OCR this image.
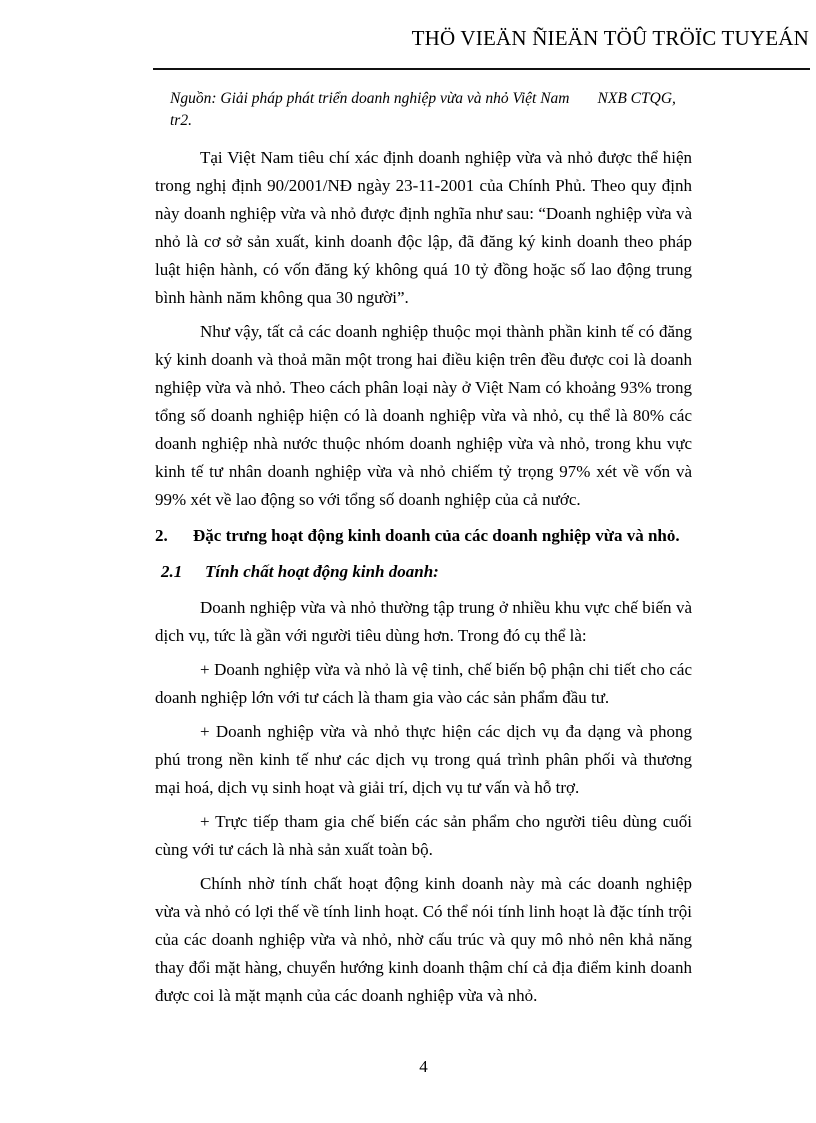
THÖ VIEÄN ÑIEÄN TÖÛ TRÖÏC TUYEÁN

Nguồn: Giải pháp phát triển doanh nghiệp vừa và nhỏ Việt Nam NXB CTQG, tr2.

Tại Việt Nam tiêu chí xác định doanh nghiệp vừa và nhỏ được thể hiện trong nghị định 90/2001/NĐ ngày 23-11-2001 của Chính Phủ. Theo quy định này doanh nghiệp vừa và nhỏ được định nghĩa như sau: “Doanh nghiệp vừa và nhỏ là cơ sở sản xuất, kinh doanh độc lập, đã đăng ký kinh doanh theo pháp luật hiện hành, có vốn đăng ký không quá 10 tỷ đồng hoặc số lao động trung bình hành năm không qua 30 người”.

Như vậy, tất cả các doanh nghiệp thuộc mọi thành phần kinh tế có đăng ký kinh doanh và thoả mãn một trong hai điều kiện trên đều được coi là doanh nghiệp vừa và nhỏ. Theo cách phân loại này ở Việt Nam có khoảng 93% trong tổng số doanh nghiệp hiện có là doanh nghiệp vừa và nhỏ, cụ thể là 80% các doanh nghiệp nhà nước thuộc nhóm doanh nghiệp vừa và nhỏ, trong khu vực kinh tế tư nhân doanh nghiệp vừa và nhỏ chiếm tỷ trọng 97% xét về vốn và 99% xét về lao động so với tổng số doanh nghiệp của cả nước.

2. Đặc trưng hoạt động kinh doanh của các doanh nghiệp vừa và nhỏ.

2.1 Tính chất hoạt động kinh doanh:

Doanh nghiệp vừa và nhỏ thường tập trung ở nhiều khu vực chế biến và dịch vụ, tức là gần với người tiêu dùng hơn. Trong đó cụ thể là:

+ Doanh nghiệp vừa và nhỏ là vệ tinh, chế biến bộ phận chi tiết cho các doanh nghiệp lớn với tư cách là tham gia vào các sản phẩm đầu tư.

+ Doanh nghiệp vừa và nhỏ thực hiện các dịch vụ đa dạng và phong phú trong nền kinh tế như các dịch vụ trong quá trình phân phối và thương mại hoá, dịch vụ sinh hoạt và giải trí, dịch vụ tư vấn và hỗ trợ.

+ Trực tiếp tham gia chế biến các sản phẩm cho người tiêu dùng cuối cùng với tư cách là nhà sản xuất toàn bộ.

Chính nhờ tính chất hoạt động kinh doanh này mà các doanh nghiệp vừa và nhỏ có lợi thế về tính linh hoạt. Có thể nói tính linh hoạt là đặc tính trội của các doanh nghiệp vừa và nhỏ, nhờ cấu trúc và quy mô nhỏ nên khả năng thay đổi mặt hàng, chuyển hướng kinh doanh thậm chí cả địa điểm kinh doanh được coi là mặt mạnh của các doanh nghiệp vừa và nhỏ.

4
